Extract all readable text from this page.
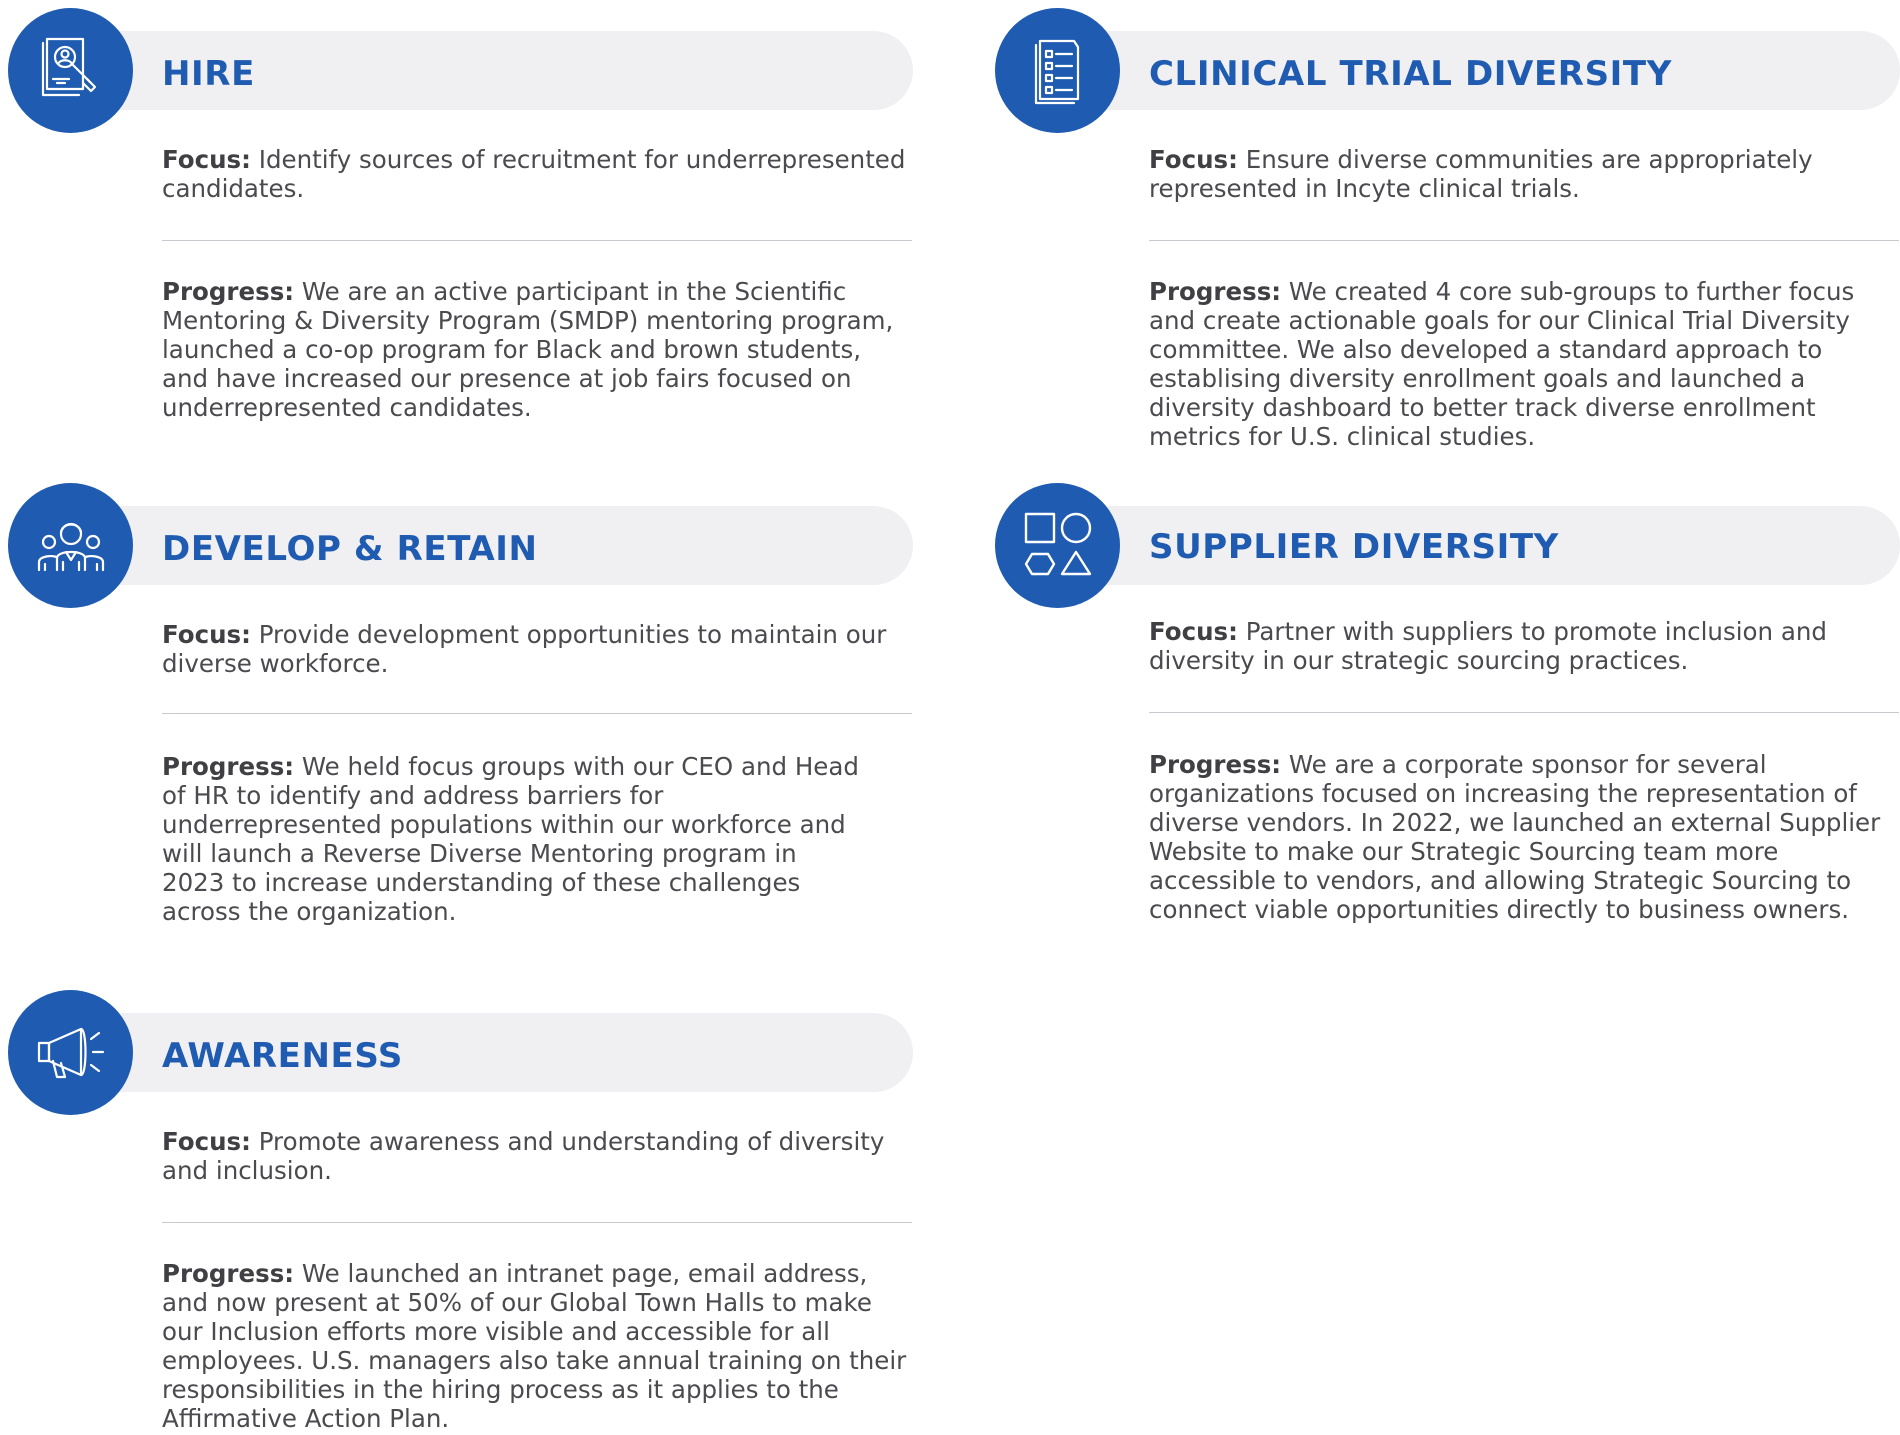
HIRE
Focus: Identify sources of recruitment for underrepresented candidates.
Progress: We are an active participant in the Scientific Mentoring & Diversity Program (SMDP) mentoring program, launched a co-op program for Black and brown students, and have increased our presence at job fairs focused on underrepresented candidates.
CLINICAL TRIAL DIVERSITY
Focus: Ensure diverse communities are appropriately represented in Incyte clinical trials.
Progress: We created 4 core sub-groups to further focus and create actionable goals for our Clinical Trial Diversity committee. We also developed a standard approach to establising diversity enrollment goals and launched a diversity dashboard to better track diverse enrollment metrics for U.S. clinical studies.
DEVELOP & RETAIN
Focus: Provide development opportunities to maintain our diverse workforce.
Progress: We held focus groups with our CEO and Head of HR to identify and address barriers for underrepresented populations within our workforce and will launch a Reverse Diverse Mentoring program in 2023 to increase understanding of these challenges across the organization.
SUPPLIER DIVERSITY
Focus: Partner with suppliers to promote inclusion and diversity in our strategic sourcing practices.
Progress: We are a corporate sponsor for several organizations focused on increasing the representation of diverse vendors. In 2022, we launched an external Supplier Website to make our Strategic Sourcing team more accessible to vendors, and allowing Strategic Sourcing to connect viable opportunities directly to business owners.
AWARENESS
Focus: Promote awareness and understanding of diversity and inclusion.
Progress: We launched an intranet page, email address, and now present at 50% of our Global Town Halls to make our Inclusion efforts more visible and accessible for all employees. U.S. managers also take annual training on their responsibilities in the hiring process as it applies to the Affirmative Action Plan.
